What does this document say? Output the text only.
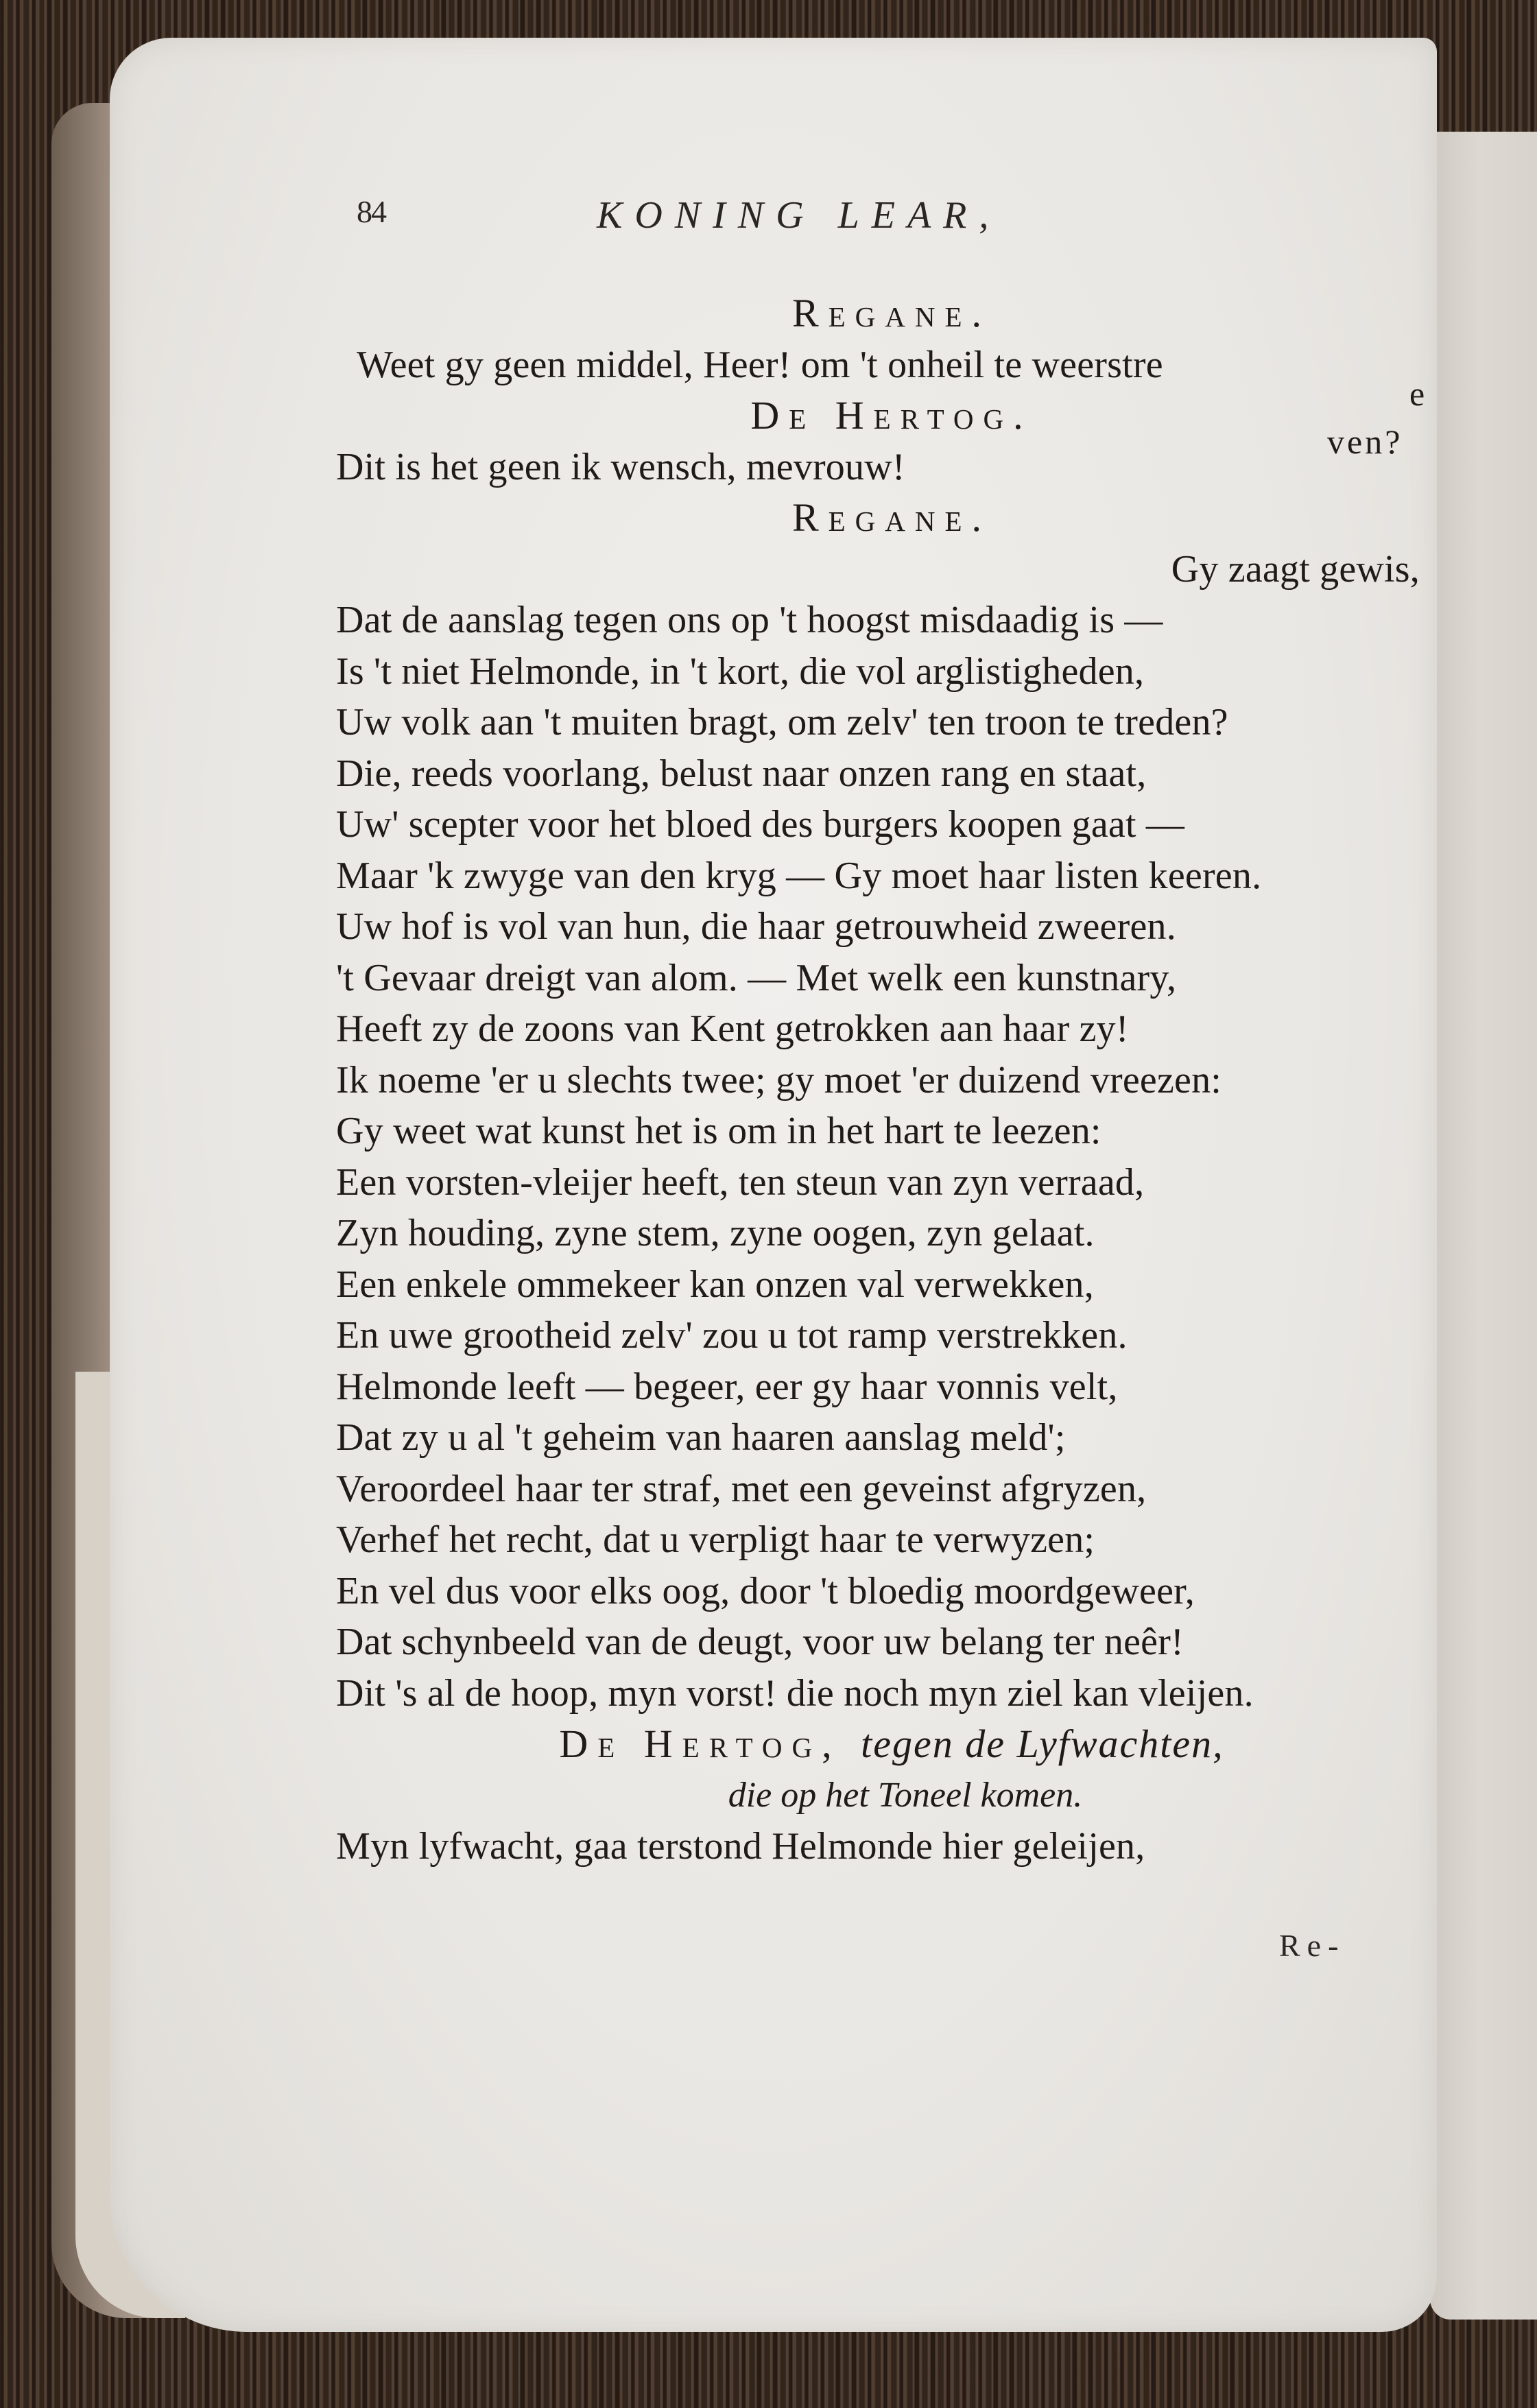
84	KONING LEAR,
Regane.
Weet gy geen middel, Heer! om 't onheil te weerstre
De Hertog.
Dit is het geen ik wensch, mevrouw!
Regane.
Gy zaagt gewis,
Dat de aanslag tegen ons op 't hoogst misdaadig is —
Is 't niet Helmonde, in 't kort, die vol arglistigheden,
Uw volk aan 't muiten bragt, om zelv' ten troon te treden?
Die, reeds voorlang, belust naar onzen rang en staat,
Uw' scepter voor het bloed des burgers koopen gaat —
Maar 'k zwyge van den kryg — Gy moet haar listen keeren.
Uw hof is vol van hun, die haar getrouwheid zweeren.
't Gevaar dreigt van alom. — Met welk een kunstnary,
Heeft zy de zoons van Kent getrokken aan haar zy!
Ik noeme 'er u slechts twee; gy moet 'er duizend vreezen:
Gy weet wat kunst het is om in het hart te leezen:
Een vorsten-vleijer heeft, ten steun van zyn verraad,
Zyn houding, zyne stem, zyne oogen, zyn gelaat.
Een enkele ommekeer kan onzen val verwekken,
En uwe grootheid zelv' zou u tot ramp verstrekken.
Helmonde leeft — begeer, eer gy haar vonnis velt,
Dat zy u al 't geheim van haaren aanslag meld';
Veroordeel haar ter straf, met een geveinst afgryzen,
Verhef het recht, dat u verpligt haar te verwyzen;
En vel dus voor elks oog, door 't bloedig moordgeweer,
Dat schynbeeld van de deugt, voor uw belang ter neêr!
Dit 's al de hoop, myn vorst! die noch myn ziel kan vleijen.
De Hertog, tegen de Lyfwachten,
die op het Toneel komen.
Myn lyfwacht, gaa terstond Helmonde hier geleijen,
e
ven?
Re-
